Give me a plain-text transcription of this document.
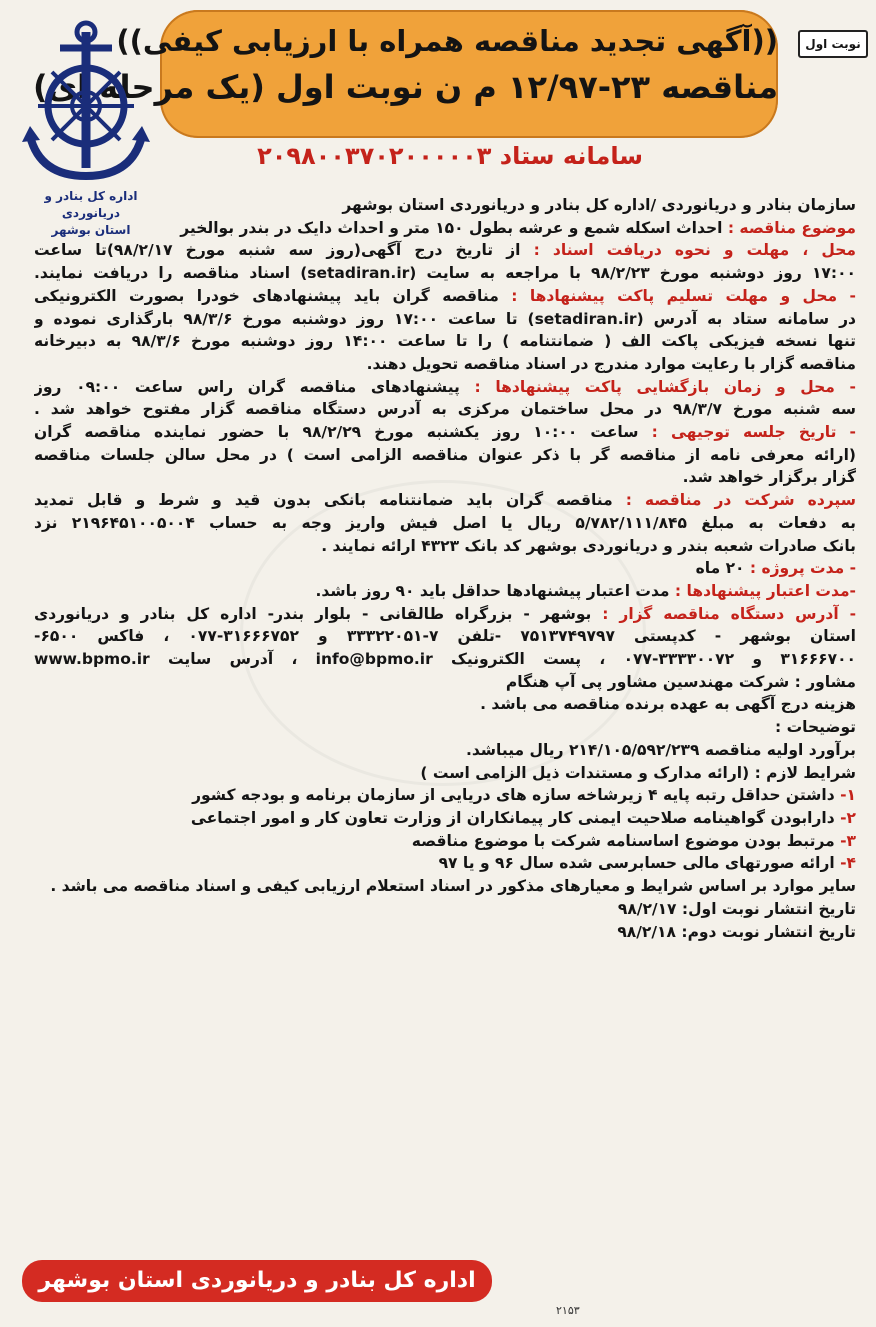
نوبت اول
((آگهی تجدید مناقصه همراه با ارزیابی کیفی))
مناقصه ۲۳-۱۲/۹۷ م ن نوبت اول (یک مرحله ای)
اداره کل بنادر و دریانوردی
استان بوشهر
سامانه ستاد ۲۰۹۸۰۰۳۷۰۲۰۰۰۰۰۳
سازمان بنادر و دریانوردی /اداره کل بنادر و دریانوردی استان بوشهر
موضوع مناقصه : احداث اسکله شمع و عرشه بطول ۱۵۰ متر و احداث دایک در بندر بوالخیر
محل ، مهلت و نحوه دریافت اسناد : از تاریخ درج آگهی(روز سه شنبه مورخ ۹۸/۲/۱۷)تا ساعت
۱۷:۰۰ روز دوشنبه مورخ ۹۸/۲/۲۳ با مراجعه به سایت (setadiran.ir) اسناد مناقصه را دریافت نمایند.
- محل و مهلت تسلیم پاکت پیشنهادها : مناقصه گران باید پیشنهادهای خودرا بصورت الکترونیکی
در سامانه ستاد به آدرس (setadiran.ir) تا ساعت ۱۷:۰۰ روز دوشنبه مورخ ۹۸/۳/۶ بارگذاری نموده و
تنها نسخه فیزیکی پاکت الف ( ضمانتنامه ) را تا ساعت ۱۴:۰۰ روز دوشنبه مورخ ۹۸/۳/۶ به دبیرخانه
مناقصه گزار با رعایت موارد مندرج در اسناد مناقصه تحویل دهند.
- محل و زمان بازگشایی پاکت پیشنهادها : پیشنهادهای مناقصه گران راس ساعت ۰۹:۰۰ روز
سه شنبه مورخ ۹۸/۳/۷ در محل ساختمان مرکزی به آدرس دستگاه مناقصه گزار مفتوح خواهد شد .
- تاریخ جلسه توجیهی : ساعت ۱۰:۰۰ روز یکشنبه مورخ ۹۸/۲/۲۹ با حضور نماینده مناقصه گران
(ارائه معرفی نامه از مناقصه گر با ذکر عنوان مناقصه الزامی است ) در محل سالن جلسات مناقصه
گزار برگزار خواهد شد.
سپرده شرکت در مناقصه : مناقصه گران باید ضمانتنامه بانکی بدون قید و شرط و قابل تمدید
به دفعات به مبلغ ۵/۷۸۲/۱۱۱/۸۴۵ ریال یا اصل فیش واریز وجه به حساب ۲۱۹۶۴۵۱۰۰۵۰۰۴ نزد
بانک صادرات شعبه بندر و دریانوردی بوشهر کد بانک ۴۳۲۳ ارائه نمایند .
- مدت پروژه : ۲۰ ماه
-مدت اعتبار پیشنهادها : مدت اعتبار پیشنهادها حداقل باید ۹۰ روز باشد.
- آدرس دستگاه مناقصه گزار : بوشهر - بزرگراه طالقانی - بلوار بندر- اداره کل بنادر و دریانوردی
استان بوشهر - کدپستی ۷۵۱۳۷۴۹۷۹۷ -تلفن ۷-۳۳۳۲۲۰۵۱ و ۳۱۶۶۶۷۵۲-۰۷۷ ، فاکس ۶۵۰۰-
۳۱۶۶۶۷۰۰ و ۳۳۳۳۰۰۷۲-۰۷۷ ، پست الکترونیک info@bpmo.ir ، آدرس سایت www.bpmo.ir
مشاور : شرکت مهندسین مشاور پی آپ هنگام
هزینه درج آگهی به عهده برنده مناقصه می باشد .
توضیحات :
برآورد اولیه مناقصه ۲۱۴/۱۰۵/۵۹۲/۲۳۹ ریال میباشد.
شرایط لازم : (ارائه مدارک و مستندات ذیل الزامی است )
۱- داشتن حداقل رتبه پایه ۴ زیرشاخه سازه های دریایی از سازمان برنامه و بودجه کشور
۲- دارابودن گواهینامه صلاحیت ایمنی کار پیمانکاران از وزارت تعاون کار و امور اجتماعی
۳- مرتبط بودن موضوع اساسنامه شرکت با موضوع مناقصه
۴- ارائه صورتهای مالی حسابرسی شده سال ۹۶ و یا ۹۷
سایر موارد بر اساس شرایط و معیارهای مذکور در اسناد استعلام ارزیابی کیفی و اسناد مناقصه می باشد .
تاریخ انتشار نوبت اول: ۹۸/۲/۱۷
تاریخ انتشار نوبت دوم: ۹۸/۲/۱۸
اداره کل بنادر و دریانوردی استان بوشهر
۲۱۵۳
